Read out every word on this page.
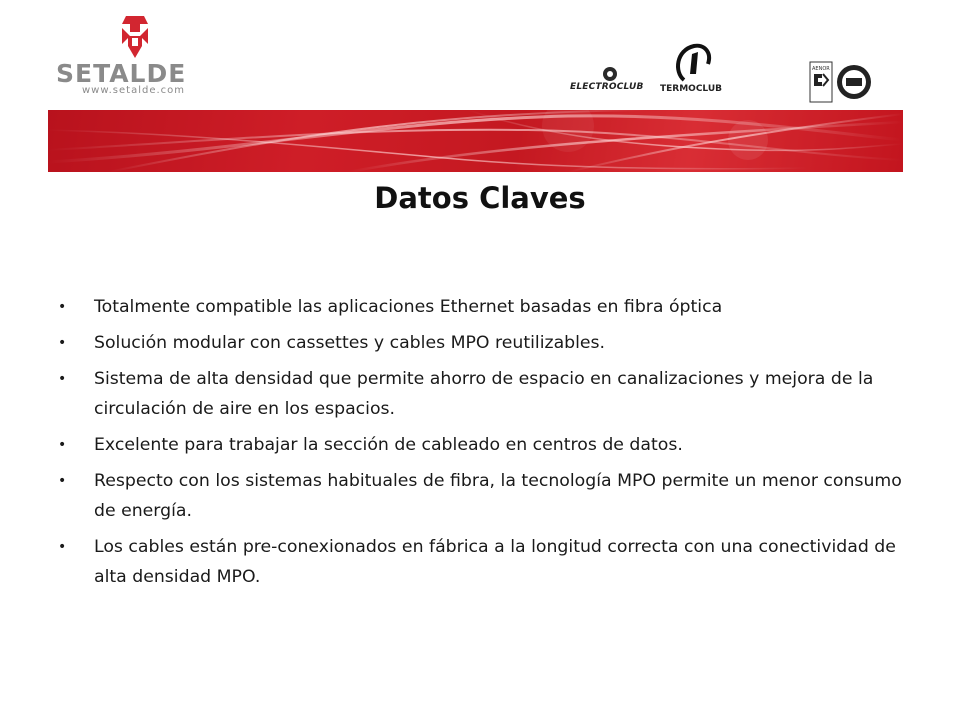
SETALDE
www.setalde.com	ELECTROCLUB TERMOCLUB
AENOR
Datos Claves
• Totalmente compatible las aplicaciones Ethernet basadas en fibra óptica
• Solución modular con cassettes y cables MPO reutilizables.
• Sistema de alta densidad que permite ahorro de espacio en canalizaciones y mejora de la circulación de aire en los espacios.
• Excelente para trabajar la sección de cableado en centros de datos.
• Respecto con los sistemas habituales de fibra, la tecnología MPO permite un menor consumo de energía.
• Los cables están pre-conexionados en fábrica a la longitud correcta con una conectividad de alta densidad MPO.
